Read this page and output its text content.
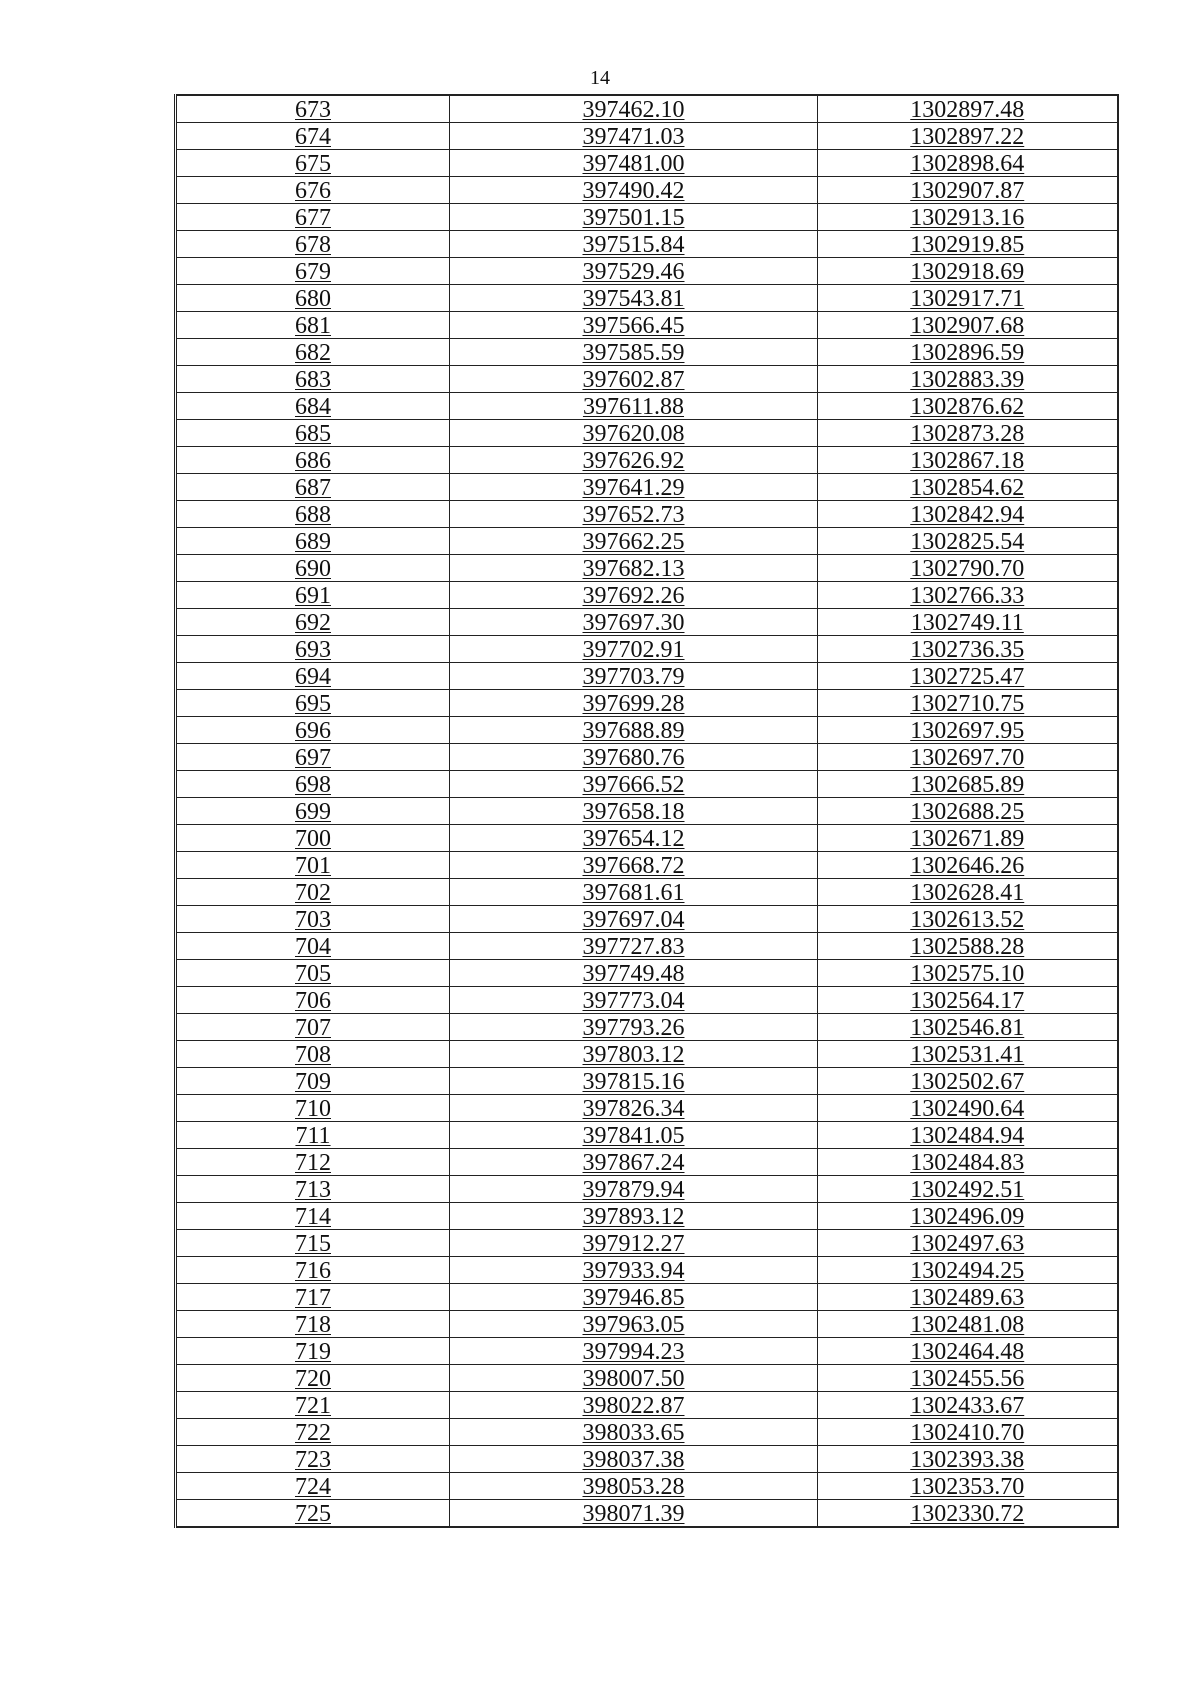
14
673	397462.10	1302897.48
674	397471.03	1302897.22
675	397481.00	1302898.64
676	397490.42	1302907.87
677	397501.15	1302913.16
678	397515.84	1302919.85
679	397529.46	1302918.69
680	397543.81	1302917.71
681	397566.45	1302907.68
682	397585.59	1302896.59
683	397602.87	1302883.39
684	397611.88	1302876.62
685	397620.08	1302873.28
686	397626.92	1302867.18
687	397641.29	1302854.62
688	397652.73	1302842.94
689	397662.25	1302825.54
690	397682.13	1302790.70
691	397692.26	1302766.33
692	397697.30	1302749.11
693	397702.91	1302736.35
694	397703.79	1302725.47
695	397699.28	1302710.75
696	397688.89	1302697.95
697	397680.76	1302697.70
698	397666.52	1302685.89
699	397658.18	1302688.25
700	397654.12	1302671.89
701	397668.72	1302646.26
702	397681.61	1302628.41
703	397697.04	1302613.52
704	397727.83	1302588.28
705	397749.48	1302575.10
706	397773.04	1302564.17
707	397793.26	1302546.81
708	397803.12	1302531.41
709	397815.16	1302502.67
710	397826.34	1302490.64
711	397841.05	1302484.94
712	397867.24	1302484.83
713	397879.94	1302492.51
714	397893.12	1302496.09
715	397912.27	1302497.63
716	397933.94	1302494.25
717	397946.85	1302489.63
718	397963.05	1302481.08
719	397994.23	1302464.48
720	398007.50	1302455.56
721	398022.87	1302433.67
722	398033.65	1302410.70
723	398037.38	1302393.38
724	398053.28	1302353.70
725	398071.39	1302330.72
